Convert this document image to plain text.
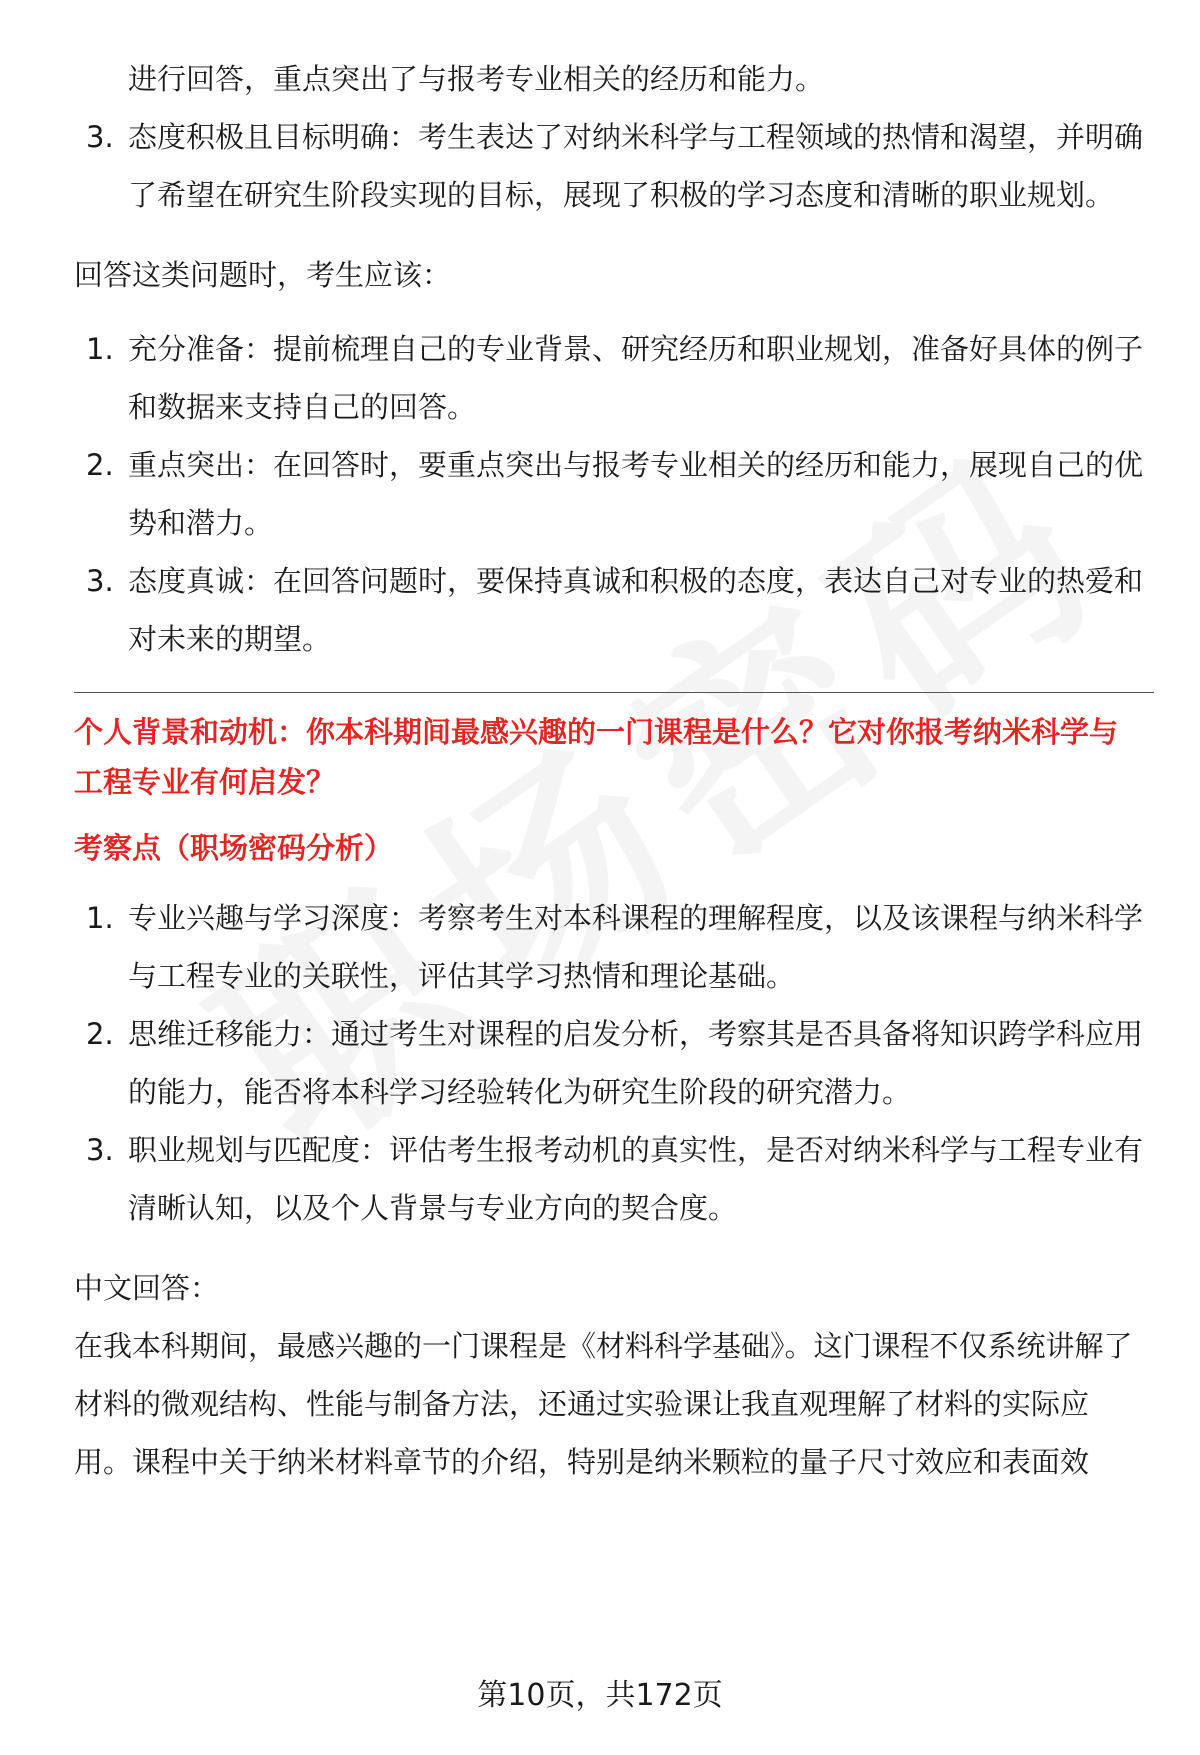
进行回答，重点突出了与报考专业相关的经历和能力。
3. 态度积极且目标明确：考生表达了对纳米科学与工程领域的热情和渴望，并明确了希望在研究生阶段实现的目标，展现了积极的学习态度和清晰的职业规划。

回答这类问题时，考生应该：

1. 充分准备：提前梳理自己的专业背景、研究经历和职业规划，准备好具体的例子和数据来支持自己的回答。
2. 重点突出：在回答时，要重点突出与报考专业相关的经历和能力，展现自己的优势和潜力。
3. 态度真诚：在回答问题时，要保持真诚和积极的态度，表达自己对专业的热爱和对未来的期望。

个人背景和动机：你本科期间最感兴趣的一门课程是什么？它对你报考纳米科学与工程专业有何启发？

考察点（职场密码分析）

1. 专业兴趣与学习深度：考察考生对本科课程的理解程度，以及该课程与纳米科学与工程专业的关联性，评估其学习热情和理论基础。
2. 思维迁移能力：通过考生对课程的启发分析，考察其是否具备将知识跨学科应用的能力，能否将本科学习经验转化为研究生阶段的研究潜力。
3. 职业规划与匹配度：评估考生报考动机的真实性，是否对纳米科学与工程专业有清晰认知，以及个人背景与专业方向的契合度。

中文回答：

在我本科期间，最感兴趣的一门课程是《材料科学基础》。这门课程不仅系统讲解了材料的微观结构、性能与制备方法，还通过实验课让我直观理解了材料的实际应用。课程中关于纳米材料章节的介绍，特别是纳米颗粒的量子尺寸效应和表面效

第10页，共172页
